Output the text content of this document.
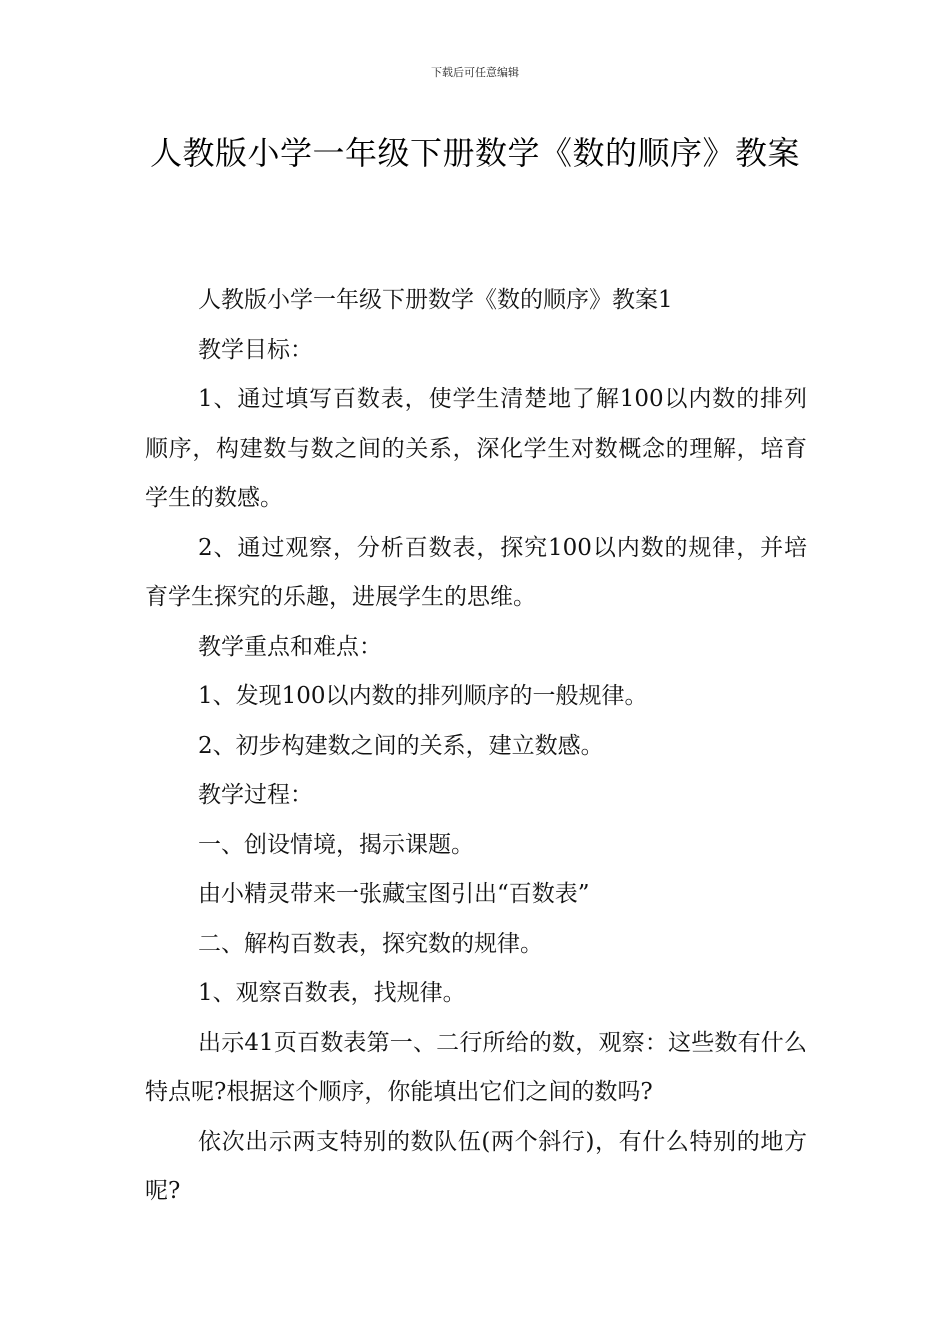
下载后可任意编辑
人教版小学一年级下册数学《数的顺序》教案

人教版小学一年级下册数学《数的顺序》教案1

教学目标：

1、通过填写百数表，使学生清楚地了解100以内数的排列顺序，构建数与数之间的关系，深化学生对数概念的理解，培育学生的数感。

2、通过观察，分析百数表，探究100以内数的规律，并培育学生探究的乐趣，进展学生的思维。

教学重点和难点：

1、发现100以内数的排列顺序的一般规律。

2、初步构建数之间的关系，建立数感。

教学过程：

一、创设情境，揭示课题。

由小精灵带来一张藏宝图引出“百数表”

二、解构百数表，探究数的规律。

1、观察百数表，找规律。

出示41页百数表第一、二行所给的数，观察：这些数有什么特点呢?根据这个顺序，你能填出它们之间的数吗?

依次出示两支特别的数队伍(两个斜行)，有什么特别的地方呢?
